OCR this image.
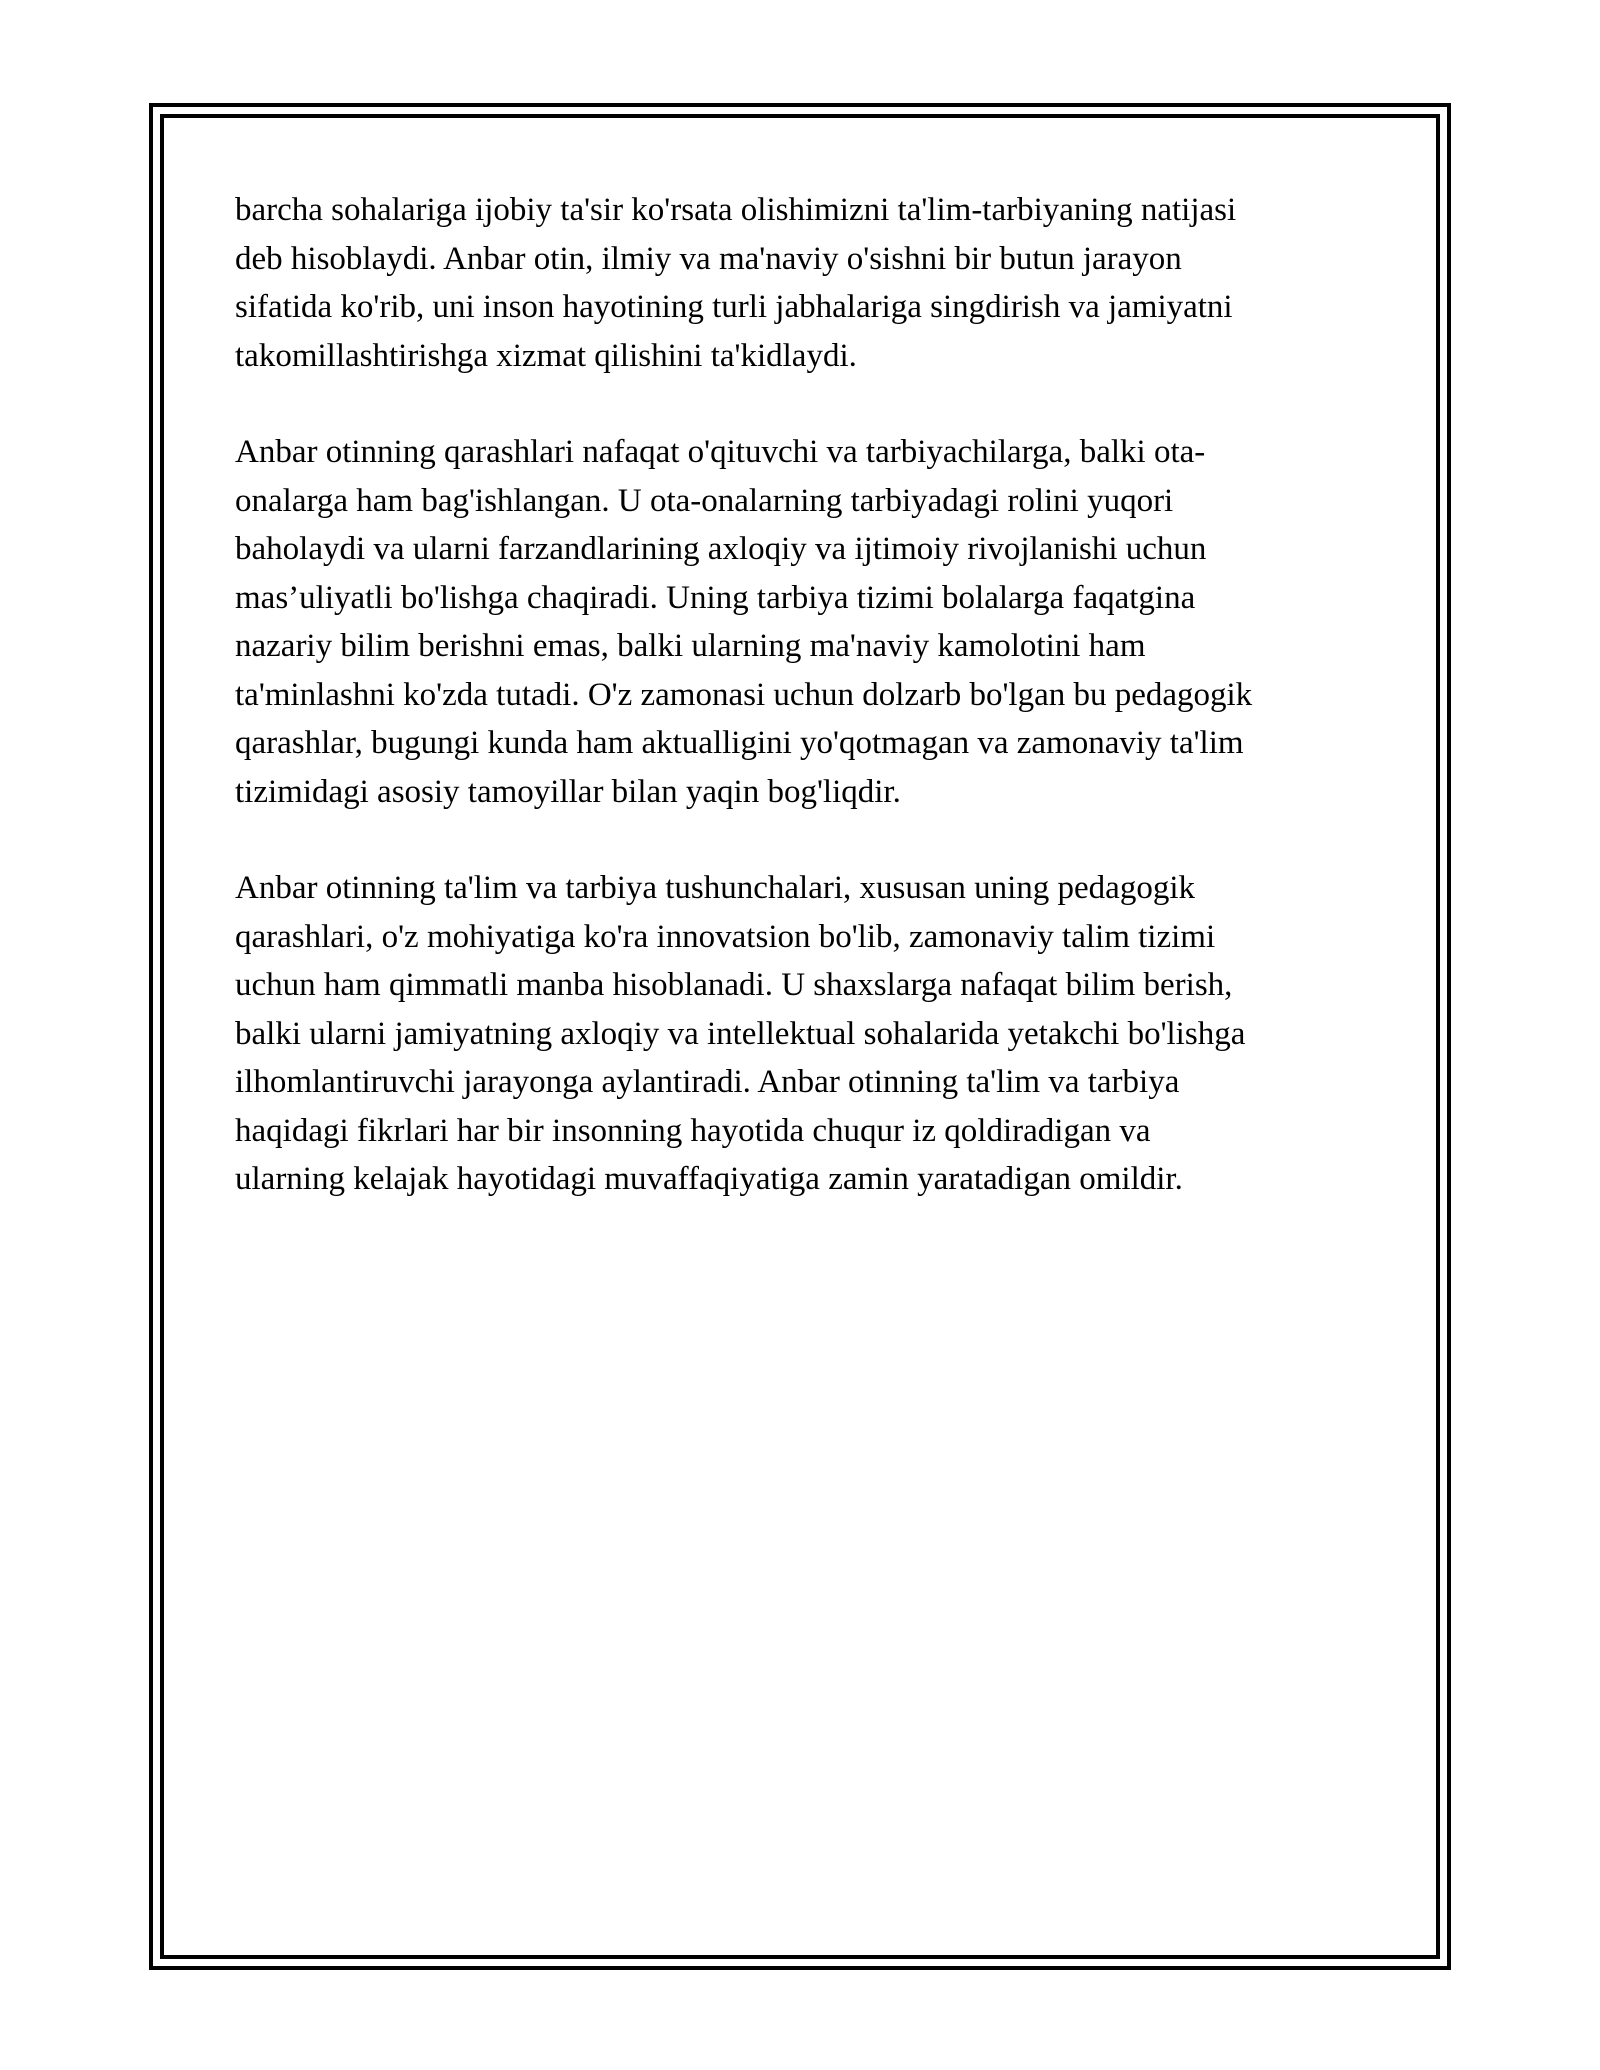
barcha sohalariga ijobiy ta'sir ko'rsata olishimizni ta'lim-tarbiyaning natijasi
deb hisoblaydi. Anbar otin, ilmiy va ma'naviy o'sishni bir butun jarayon
sifatida ko'rib, uni inson hayotining turli jabhalariga singdirish va jamiyatni
takomillashtirishga xizmat qilishini ta'kidlaydi.

Anbar otinning qarashlari nafaqat o'qituvchi va tarbiyachilarga, balki ota-
onalarga ham bag'ishlangan. U ota-onalarning tarbiyadagi rolini yuqori
baholaydi va ularni farzandlarining axloqiy va ijtimoiy rivojlanishi uchun
mas’uliyatli bo'lishga chaqiradi. Uning tarbiya tizimi bolalarga faqatgina
nazariy bilim berishni emas, balki ularning ma'naviy kamolotini ham
ta'minlashni ko'zda tutadi. O'z zamonasi uchun dolzarb bo'lgan bu pedagogik
qarashlar, bugungi kunda ham aktualligini yo'qotmagan va zamonaviy ta'lim
tizimidagi asosiy tamoyillar bilan yaqin bog'liqdir.

Anbar otinning ta'lim va tarbiya tushunchalari, xususan uning pedagogik
qarashlari, o'z mohiyatiga ko'ra innovatsion bo'lib, zamonaviy talim tizimi
uchun ham qimmatli manba hisoblanadi. U shaxslarga nafaqat bilim berish,
balki ularni jamiyatning axloqiy va intellektual sohalarida yetakchi bo'lishga
ilhomlantiruvchi jarayonga aylantiradi. Anbar otinning ta'lim va tarbiya
haqidagi fikrlari har bir insonning hayotida chuqur iz qoldiradigan va
ularning kelajak hayotidagi muvaffaqiyatiga zamin yaratadigan omildir.
